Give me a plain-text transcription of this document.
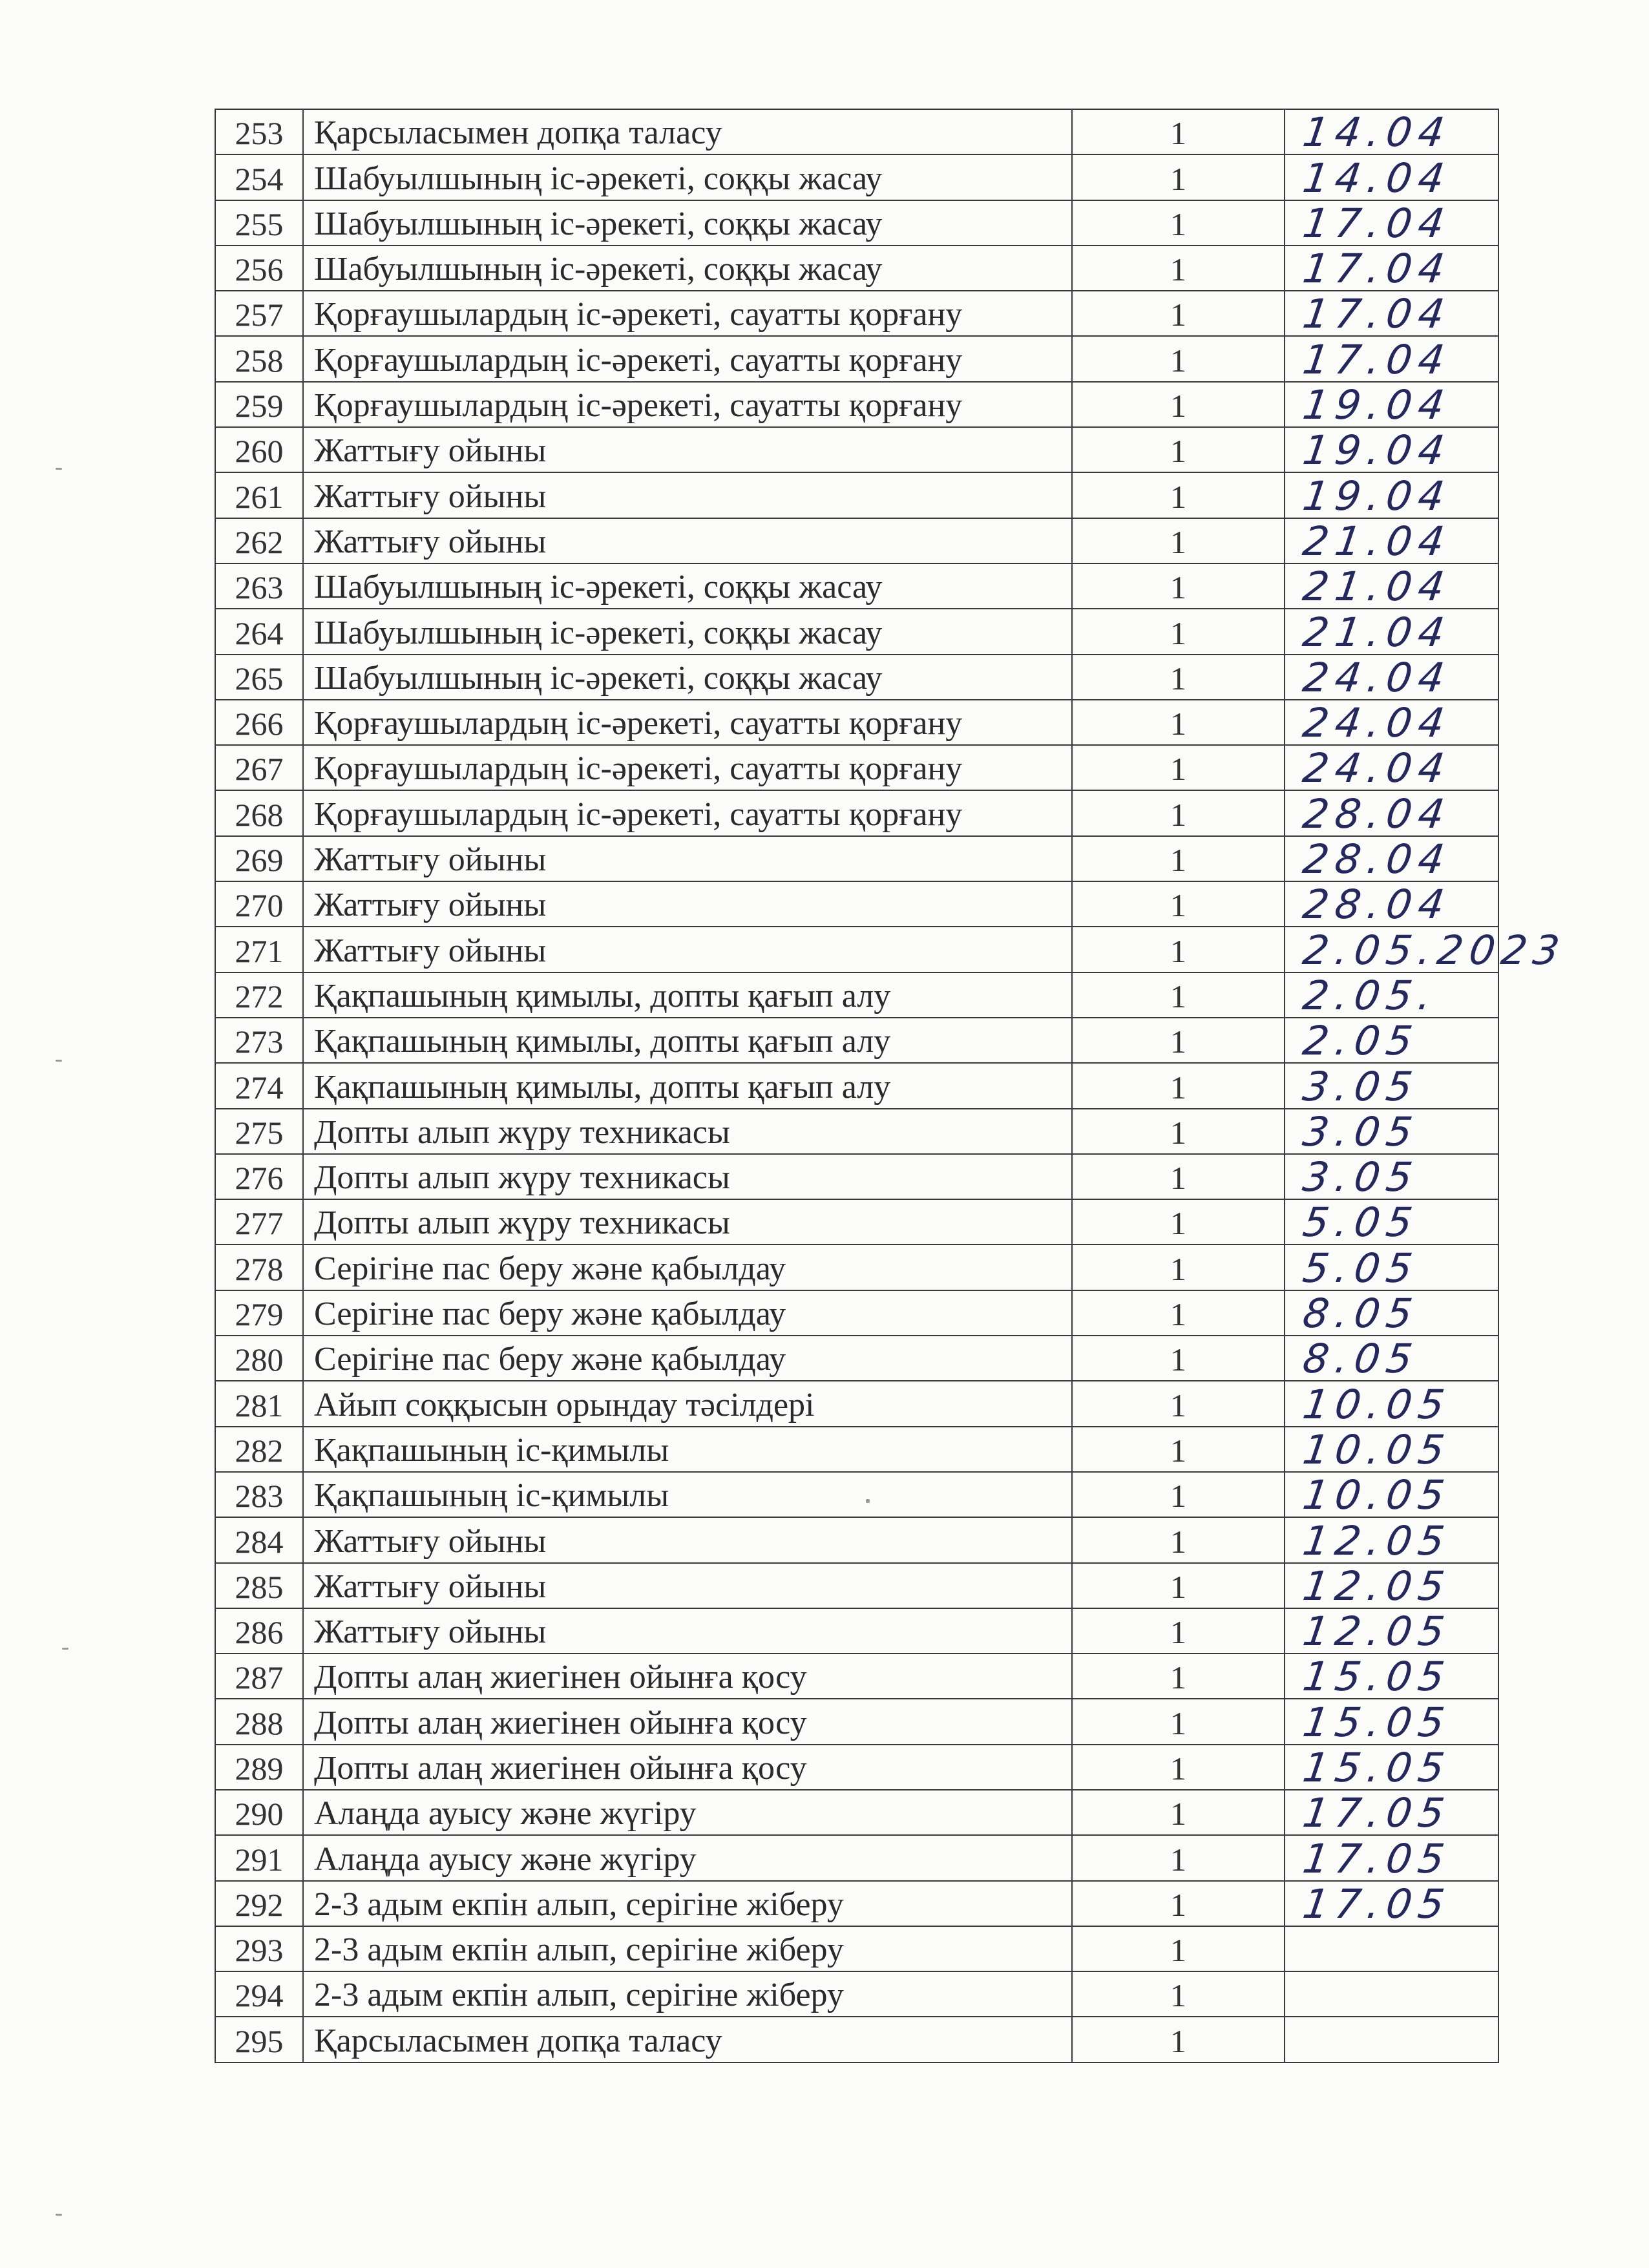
253	Қарсыласымен допқа таласу	1	14.04
254	Шабуылшының іс-әрекеті, соққы жасау	1	14.04
255	Шабуылшының іс-әрекеті, соққы жасау	1	17.04
256	Шабуылшының іс-әрекеті, соққы жасау	1	17.04
257	Қорғаушылардың іс-әрекеті, сауатты қорғану	1	17.04
258	Қорғаушылардың іс-әрекеті, сауатты қорғану	1	17.04
259	Қорғаушылардың іс-әрекеті, сауатты қорғану	1	19.04
260	Жаттығу ойыны	1	19.04
261	Жаттығу ойыны	1	19.04
262	Жаттығу ойыны	1	21.04
263	Шабуылшының іс-әрекеті, соққы жасау	1	21.04
264	Шабуылшының іс-әрекеті, соққы жасау	1	21.04
265	Шабуылшының іс-әрекеті, соққы жасау	1	24.04
266	Қорғаушылардың іс-әрекеті, сауатты қорғану	1	24.04
267	Қорғаушылардың іс-әрекеті, сауатты қорғану	1	24.04
268	Қорғаушылардың іс-әрекеті, сауатты қорғану	1	28.04
269	Жаттығу ойыны	1	28.04
270	Жаттығу ойыны	1	28.04
271	Жаттығу ойыны	1	2.05.2023
272	Қақпашының қимылы, допты қағып алу	1	2.05.
273	Қақпашының қимылы, допты қағып алу	1	2.05
274	Қақпашының қимылы, допты қағып алу	1	3.05
275	Допты алып жүру техникасы	1	3.05
276	Допты алып жүру техникасы	1	3.05
277	Допты алып жүру техникасы	1	5.05
278	Серігіне пас беру және қабылдау	1	5.05
279	Серігіне пас беру және қабылдау	1	8.05
280	Серігіне пас беру және қабылдау	1	8.05
281	Айып соққысын орындау тәсілдері	1	10.05
282	Қақпашының іс-қимылы	1	10.05
283	Қақпашының іс-қимылы	1	10.05
284	Жаттығу ойыны	1	12.05
285	Жаттығу ойыны	1	12.05
286	Жаттығу ойыны	1	12.05
287	Допты алаң жиегінен ойынға қосу	1	15.05
288	Допты алаң жиегінен ойынға қосу	1	15.05
289	Допты алаң жиегінен ойынға қосу	1	15.05
290	Алаңда ауысу және жүгіру	1	17.05
291	Алаңда ауысу және жүгіру	1	17.05
292	2-3 адым екпін алып, серігіне жіберу	1	17.05
293	2-3 адым екпін алып, серігіне жіберу	1	
294	2-3 адым екпін алып, серігіне жіберу	1	
295	Қарсыласымен допқа таласу	1	
